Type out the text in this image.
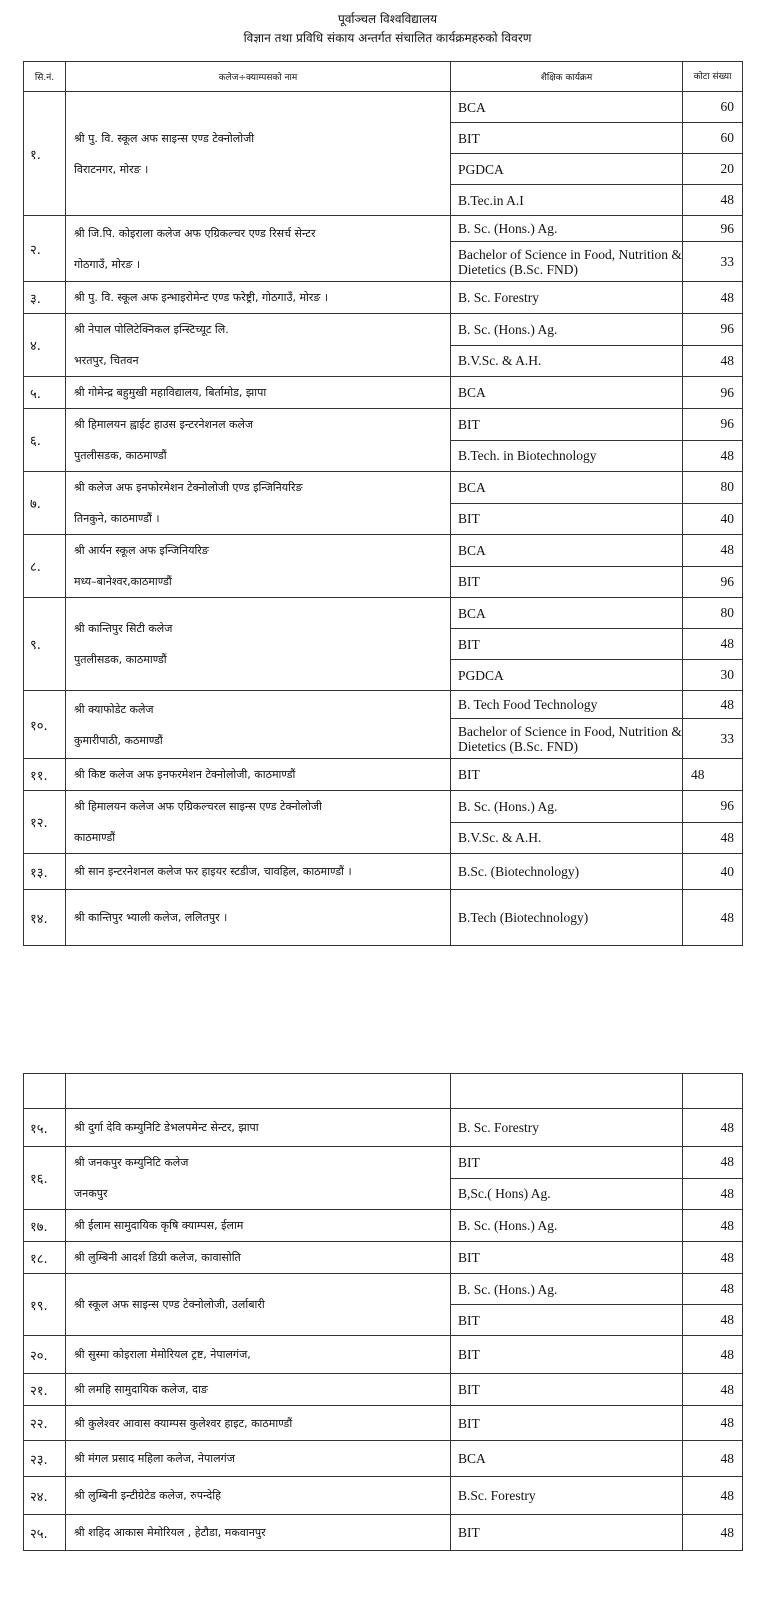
पूर्वाञ्चल विश्वविद्यालय
विज्ञान तथा प्रविधि संकाय अन्तर्गत संचालित कार्यक्रमहरुको विवरण
सि.नं.	कलेज÷क्याम्पसको नाम	शैक्षिक कार्यक्रम	कोटा संख्या
१.	श्री पु. वि. स्कूल अफ साइन्स एण्ड टेक्नोलोजी
विराटनगर, मोरङ ।	BCA	60
		BIT	60
		PGDCA	20
		B.Tec.in A.I	48
२.	श्री जि.पि. कोइराला कलेज अफ एग्रिकल्चर एण्ड रिसर्च सेन्टर
गोठगाउँ, मोरङ ।	B. Sc. (Hons.) Ag.	96
		Bachelor of Science in Food, Nutrition & Dietetics (B.Sc. FND)	33
३.	श्री पु. वि. स्कूल अफ इन्भाइरोमेन्ट एण्ड फरेष्ट्री, गोठगाउँ, मोरङ ।	B. Sc. Forestry	48
४.	श्री नेपाल पोलिटेक्निकल इन्स्टिच्यूट लि.
भरतपुर, चितवन	B. Sc. (Hons.) Ag.	96
		B.V.Sc. & A.H.	48
५.	श्री गोमेन्द्र बहुमुखी महाविद्यालय, बिर्तामोड, झापा	BCA	96
६.	श्री हिमालयन ह्वाईट हाउस इन्टरनेशनल कलेज
पुतलीसडक, काठमाण्डौं	BIT	96
		B.Tech. in Biotechnology	48
७.	श्री कलेज अफ इनफोरमेशन टेक्नोलोजी एण्ड इन्जिनियरिङ
तिनकुने, काठमाण्डौं ।	BCA	80
		BIT	40
८.	श्री आर्यन स्कूल अफ इन्जिनियरिङ
मध्य–बानेश्वर,काठमाण्डौं	BCA	48
		BIT	96
९.	श्री कान्तिपुर सिटी कलेज
पुतलीसडक, काठमाण्डौं	BCA	80
		BIT	48
		PGDCA	30
१०.	श्री क्याफोडेट कलेज
कुमारीपाठी, कठमाण्डौं	B. Tech Food Technology	48
		Bachelor of Science in Food, Nutrition & Dietetics (B.Sc. FND)	33
११.	श्री किष्ट कलेज अफ इनफरमेशन टेक्नोलोजी, काठमाण्डौं	BIT	48
१२.	श्री हिमालयन कलेज अफ एग्रिकल्चरल साइन्स एण्ड टेक्नोलोजी
काठमाण्डौं	B. Sc. (Hons.) Ag.	96
		B.V.Sc. & A.H.	48
१३.	श्री सान इन्टरनेशनल कलेज फर हाइयर स्टडीज, चावहिल, काठमाण्डौं ।	B.Sc. (Biotechnology)	40
१४.	श्री कान्तिपुर भ्याली कलेज, ललितपुर ।	B.Tech (Biotechnology)	48

१५.	श्री दुर्गा देवि कम्युनिटि डेभलपमेन्ट सेन्टर, झापा	B. Sc. Forestry	48
१६.	श्री जनकपुर कम्युनिटि कलेज
जनकपुर	BIT	48
		B,Sc.( Hons) Ag.	48
१७.	श्री ईलाम सामुदायिक कृषि क्याम्पस, ईलाम	B. Sc. (Hons.) Ag.	48
१८.	श्री लुम्बिनी आदर्श डिग्री कलेज, कावासोति	BIT	48
१९.	श्री स्कूल अफ साइन्स एण्ड टेक्नोलोजी, उर्लाबारी	B. Sc. (Hons.) Ag.	48
		BIT	48
२०.	श्री सुस्मा कोइराला मेमोरियल ट्रष्ट, नेपालगंज,	BIT	48
२१.	श्री लमहि सामुदायिक कलेज, दाङ	BIT	48
२२.	श्री कुलेश्वर आवास क्याम्पस कुलेश्वर हाइट, काठमाण्डौं	BIT	48
२३.	श्री मंगल प्रसाद महिला कलेज, नेपालगंज	BCA	48
२४.	श्री लुम्बिनी इन्टीग्रेटेड कलेज, रुपन्देहि	B.Sc. Forestry	48
२५.	श्री शहिद आकास मेमोरियल , हेटौडा, मकवानपुर	BIT	48
